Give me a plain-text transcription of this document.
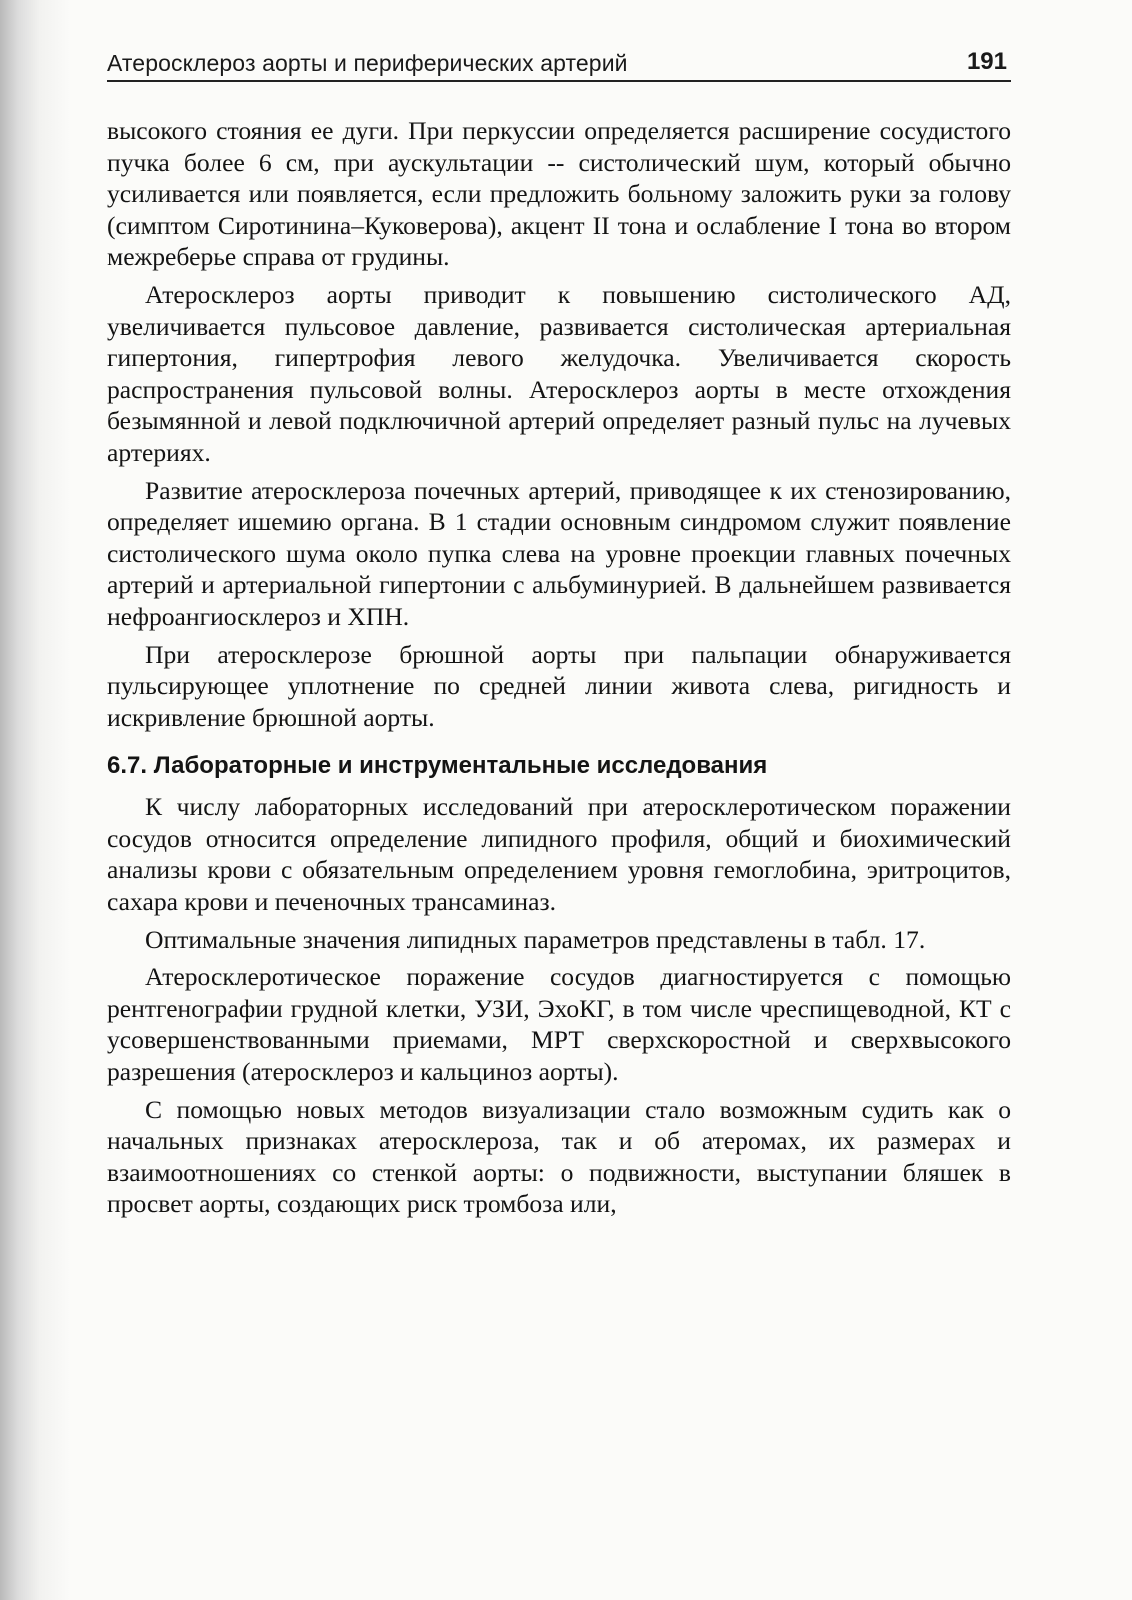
Атеросклероз аорты и периферических артерий	191

высокого стояния ее дуги. При перкуссии определяется расширение сосудистого пучка более 6 см, при аускультации -- систолический шум, который обычно усиливается или появляется, если предложить больному заложить руки за голову (симптом Сиротинина–Куковерова), акцент II тона и ослабление I тона во втором межреберье справа от грудины.

Атеросклероз аорты приводит к повышению систолического АД, увеличивается пульсовое давление, развивается систолическая артериальная гипертония, гипертрофия левого желудочка. Увеличивается скорость распространения пульсовой волны. Атеросклероз аорты в месте отхождения безымянной и левой подключичной артерий определяет разный пульс на лучевых артериях.

Развитие атеросклероза почечных артерий, приводящее к их стенозированию, определяет ишемию органа. В 1 стадии основным синдромом служит появление систолического шума около пупка слева на уровне проекции главных почечных артерий и артериальной гипертонии с альбуминурией. В дальнейшем развивается нефроангиосклероз и ХПН.

При атеросклерозе брюшной аорты при пальпации обнаруживается пульсирующее уплотнение по средней линии живота слева, ригидность и искривление брюшной аорты.

6.7. Лабораторные и инструментальные исследования

К числу лабораторных исследований при атеросклеротическом поражении сосудов относится определение липидного профиля, общий и биохимический анализы крови с обязательным определением уровня гемоглобина, эритроцитов, сахара крови и печеночных трансаминаз.

Оптимальные значения липидных параметров представлены в табл. 17.

Атеросклеротическое поражение сосудов диагностируется с помощью рентгенографии грудной клетки, УЗИ, ЭхоКГ, в том числе чреспищеводной, КТ с усовершенствованными приемами, МРТ сверхскоростной и сверхвысокого разрешения (атеросклероз и кальциноз аорты).

С помощью новых методов визуализации стало возможным судить как о начальных признаках атеросклероза, так и об атеромах, их размерах и взаимоотношениях со стенкой аорты: о подвижности, выступании бляшек в просвет аорты, создающих риск тромбоза или,
